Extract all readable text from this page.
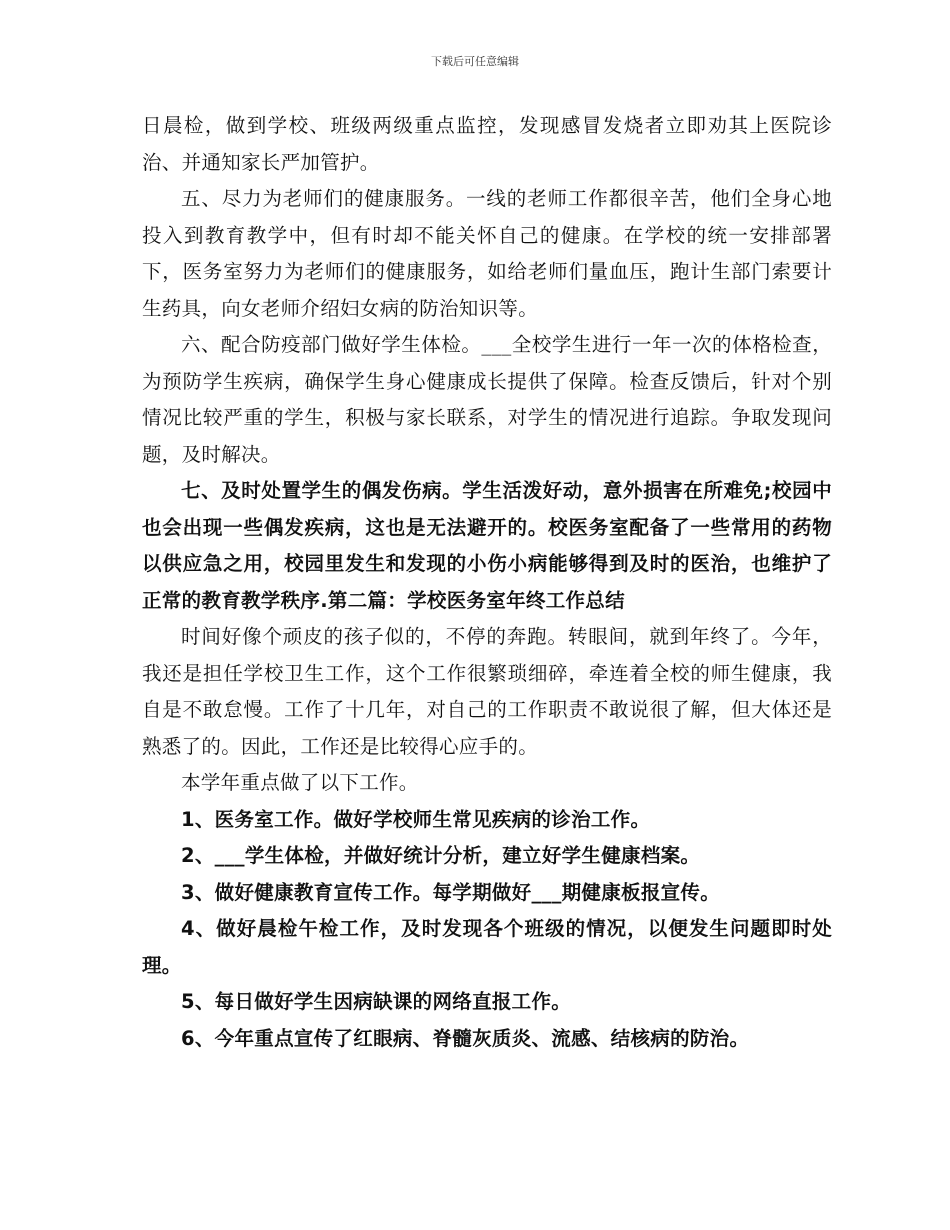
下载后可任意编辑

日晨检，做到学校、班级两级重点监控，发现感冒发烧者立即劝其上医院诊治、并通知家长严加管护。

五、尽力为老师们的健康服务。一线的老师工作都很辛苦，他们全身心地投入到教育教学中，但有时却不能关怀自己的健康。在学校的统一安排部署下，医务室努力为老师们的健康服务，如给老师们量血压，跑计生部门索要计生药具，向女老师介绍妇女病的防治知识等。

六、配合防疫部门做好学生体检。___全校学生进行一年一次的体格检查，为预防学生疾病，确保学生身心健康成长提供了保障。检查反馈后，针对个别情况比较严重的学生，积极与家长联系，对学生的情况进行追踪。争取发现问题，及时解决。

七、及时处置学生的偶发伤病。学生活泼好动，意外损害在所难免;校园中也会出现一些偶发疾病，这也是无法避开的。校医务室配备了一些常用的药物以供应急之用，校园里发生和发现的小伤小病能够得到及时的医治，也维护了正常的教育教学秩序.第二篇：学校医务室年终工作总结

时间好像个顽皮的孩子似的，不停的奔跑。转眼间，就到年终了。今年，我还是担任学校卫生工作，这个工作很繁琐细碎，牵连着全校的师生健康，我自是不敢怠慢。工作了十几年，对自己的工作职责不敢说很了解，但大体还是熟悉了的。因此，工作还是比较得心应手的。

本学年重点做了以下工作。

1、医务室工作。做好学校师生常见疾病的诊治工作。

2、___学生体检，并做好统计分析，建立好学生健康档案。

3、做好健康教育宣传工作。每学期做好___期健康板报宣传。

4、做好晨检午检工作，及时发现各个班级的情况，以便发生问题即时处理。

5、每日做好学生因病缺课的网络直报工作。

6、今年重点宣传了红眼病、脊髓灰质炎、流感、结核病的防治。
